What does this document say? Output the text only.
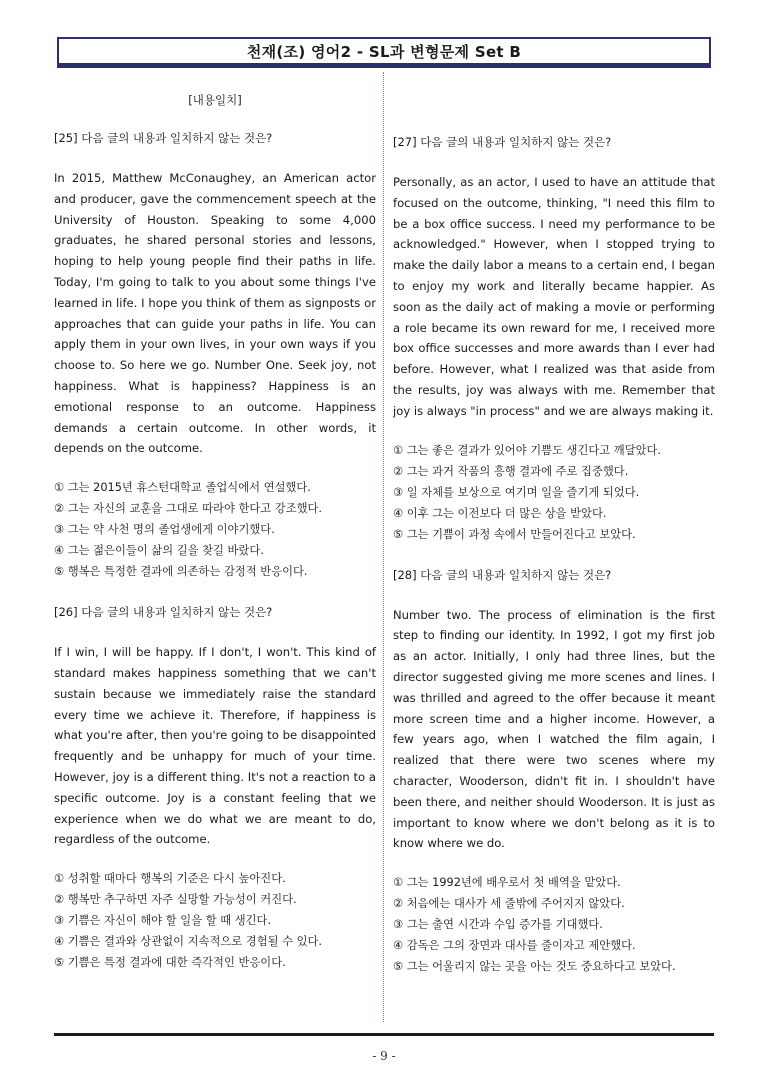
천재(조) 영어2 - SL과 변형문제 Set B
[내용일치]
[25] 다음 글의 내용과 일치하지 않는 것은?
In 2015, Matthew McConaughey, an American actor and producer, gave the commencement speech at the University of Houston. Speaking to some 4,000 graduates, he shared personal stories and lessons, hoping to help young people find their paths in life. Today, I'm going to talk to you about some things I've learned in life. I hope you think of them as signposts or approaches that can guide your paths in life. You can apply them in your own lives, in your own ways if you choose to. So here we go. Number One. Seek joy, not happiness. What is happiness? Happiness is an emotional response to an outcome. Happiness demands a certain outcome. In other words, it depends on the outcome.
① 그는 2015년 휴스턴대학교 졸업식에서 연설했다.
② 그는 자신의 교훈을 그대로 따라야 한다고 강조했다.
③ 그는 약 사천 명의 졸업생에게 이야기했다.
④ 그는 젊은이들이 삶의 길을 찾길 바랐다.
⑤ 행복은 특정한 결과에 의존하는 감정적 반응이다.
[26] 다음 글의 내용과 일치하지 않는 것은?
If I win, I will be happy. If I don't, I won't. This kind of standard makes happiness something that we can't sustain because we immediately raise the standard every time we achieve it. Therefore, if happiness is what you're after, then you're going to be disappointed frequently and be unhappy for much of your time. However, joy is a different thing. It's not a reaction to a specific outcome. Joy is a constant feeling that we experience when we do what we are meant to do, regardless of the outcome.
① 성취할 때마다 행복의 기준은 다시 높아진다.
② 행복만 추구하면 자주 실망할 가능성이 커진다.
③ 기쁨은 자신이 해야 할 일을 할 때 생긴다.
④ 기쁨은 결과와 상관없이 지속적으로 경험될 수 있다.
⑤ 기쁨은 특정 결과에 대한 즉각적인 반응이다.
[27] 다음 글의 내용과 일치하지 않는 것은?
Personally, as an actor, I used to have an attitude that focused on the outcome, thinking, "I need this film to be a box office success. I need my performance to be acknowledged." However, when I stopped trying to make the daily labor a means to a certain end, I began to enjoy my work and literally became happier. As soon as the daily act of making a movie or performing a role became its own reward for me, I received more box office successes and more awards than I ever had before. However, what I realized was that aside from the results, joy was always with me. Remember that joy is always "in process" and we are always making it.
① 그는 좋은 결과가 있어야 기쁨도 생긴다고 깨달았다.
② 그는 과거 작품의 흥행 결과에 주로 집중했다.
③ 일 자체를 보상으로 여기며 일을 즐기게 되었다.
④ 이후 그는 이전보다 더 많은 상을 받았다.
⑤ 그는 기쁨이 과정 속에서 만들어진다고 보았다.
[28] 다음 글의 내용과 일치하지 않는 것은?
Number two. The process of elimination is the first step to finding our identity. In 1992, I got my first job as an actor. Initially, I only had three lines, but the director suggested giving me more scenes and lines. I was thrilled and agreed to the offer because it meant more screen time and a higher income. However, a few years ago, when I watched the film again, I realized that there were two scenes where my character, Wooderson, didn't fit in. I shouldn't have been there, and neither should Wooderson. It is just as important to know where we don't belong as it is to know where we do.
① 그는 1992년에 배우로서 첫 배역을 맡았다.
② 처음에는 대사가 세 줄밖에 주어지지 않았다.
③ 그는 출연 시간과 수입 증가를 기대했다.
④ 감독은 그의 장면과 대사를 줄이자고 제안했다.
⑤ 그는 어울리지 않는 곳을 아는 것도 중요하다고 보았다.
- 9 -
